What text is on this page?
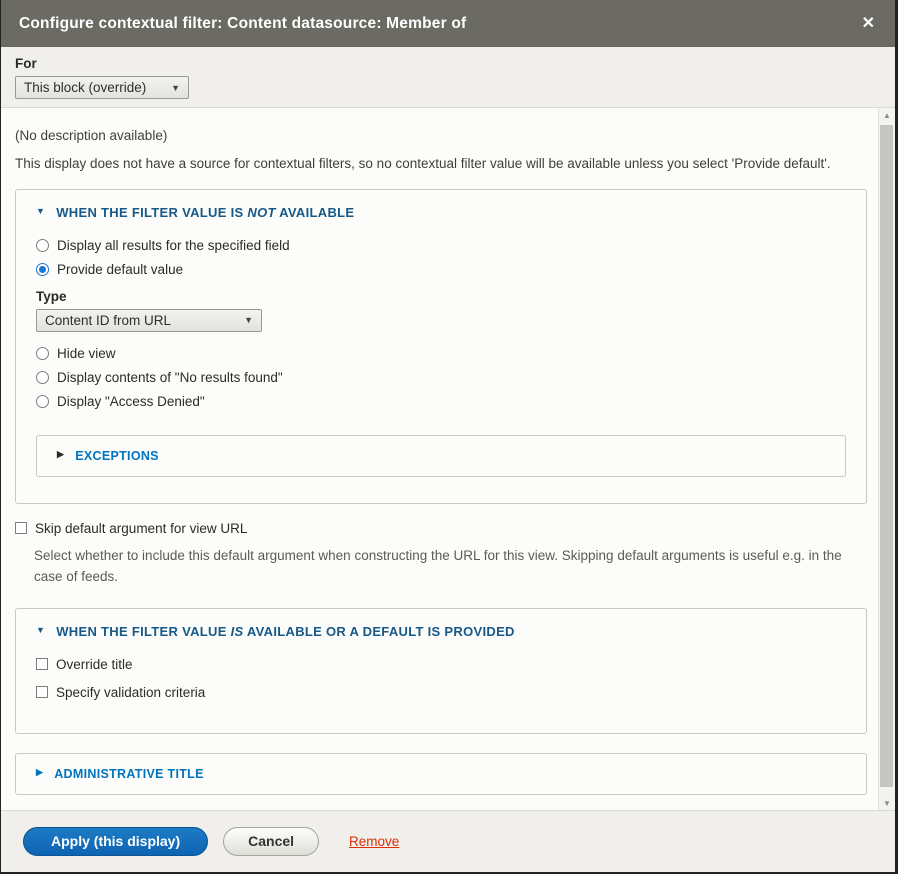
Configure contextual filter: Content datasource: Member of	✕
For
This block (override)	▼

(No description available)

This display does not have a source for contextual filters, so no contextual filter value will be available unless you select 'Provide default'.

▼ WHEN THE FILTER VALUE IS NOT AVAILABLE
Display all results for the specified field
Provide default value
Type
Content ID from URL	▼
Hide view
Display contents of "No results found"
Display "Access Denied"
▶ EXCEPTIONS
Skip default argument for view URL

Select whether to include this default argument when constructing the URL for this view. Skipping default arguments is useful e.g. in the case of feeds.

▼ WHEN THE FILTER VALUE IS AVAILABLE OR A DEFAULT IS PROVIDED
Override title
Specify validation criteria
▶ ADMINISTRATIVE TITLE
▲
▼
Apply (this display)	Cancel	Remove
